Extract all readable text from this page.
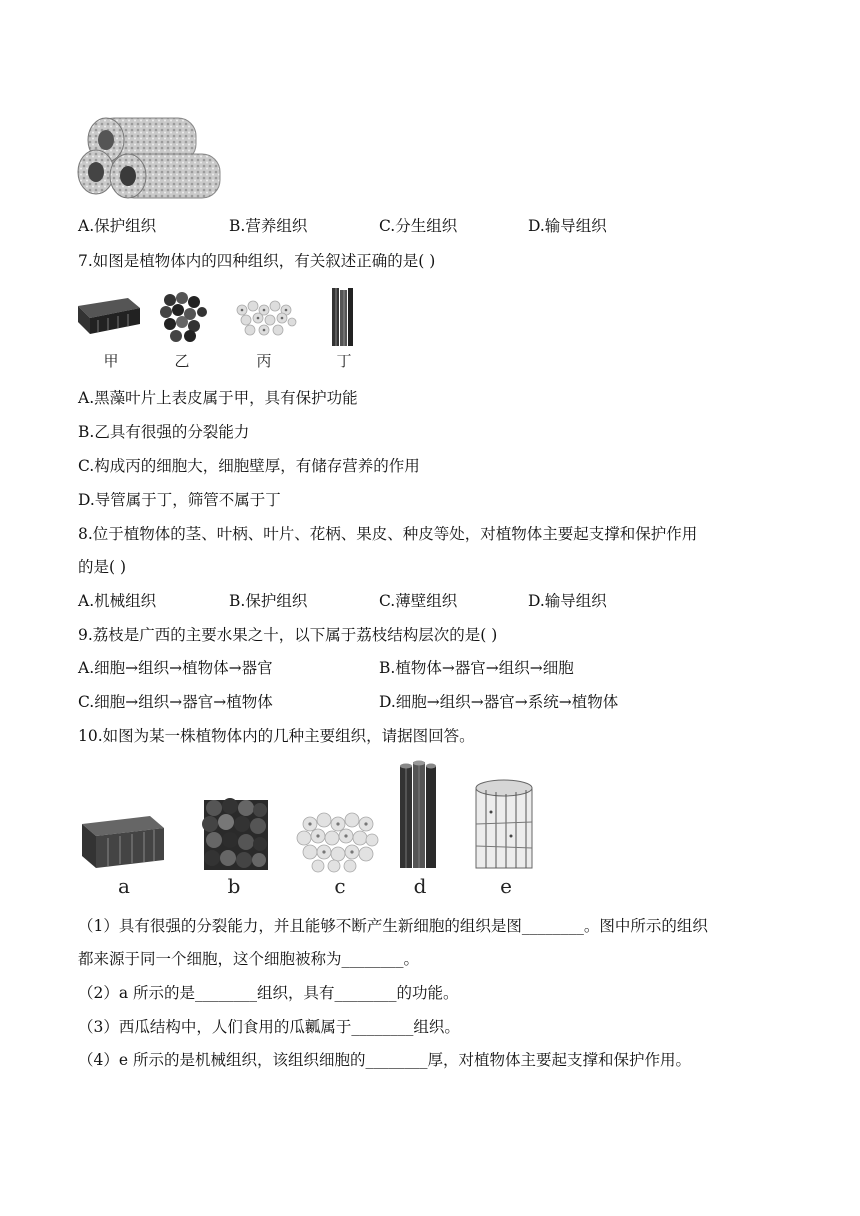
A.保护组织	B.营养组织	C.分生组织	D.输导组织
7.如图是植物体内的四种组织，有关叙述正确的是( )
甲	乙	丙	丁
A.黑藻叶片上表皮属于甲，具有保护功能
B.乙具有很强的分裂能力
C.构成丙的细胞大，细胞壁厚，有储存营养的作用
D.导管属于丁，筛管不属于丁
8.位于植物体的茎、叶柄、叶片、花柄、果皮、种皮等处，对植物体主要起支撑和保护作用
的是( )
A.机械组织	B.保护组织	C.薄壁组织	D.输导组织
9.荔枝是广西的主要水果之十，以下属于荔枝结构层次的是( )
A.细胞→组织→植物体→器官	B.植物体→器官→组织→细胞
C.细胞→组织→器官→植物体	D.细胞→组织→器官→系统→植物体
10.如图为某一株植物体内的几种主要组织，请据图回答。
a	b	c	d	e
（1）具有很强的分裂能力，并且能够不断产生新细胞的组织是图________。图中所示的组织
都来源于同一个细胞，这个细胞被称为________。
（2）a 所示的是________组织，具有________的功能。
（3）西瓜结构中，人们食用的瓜瓤属于________组织。
（4）e 所示的是机械组织，该组织细胞的________厚，对植物体主要起支撑和保护作用。
